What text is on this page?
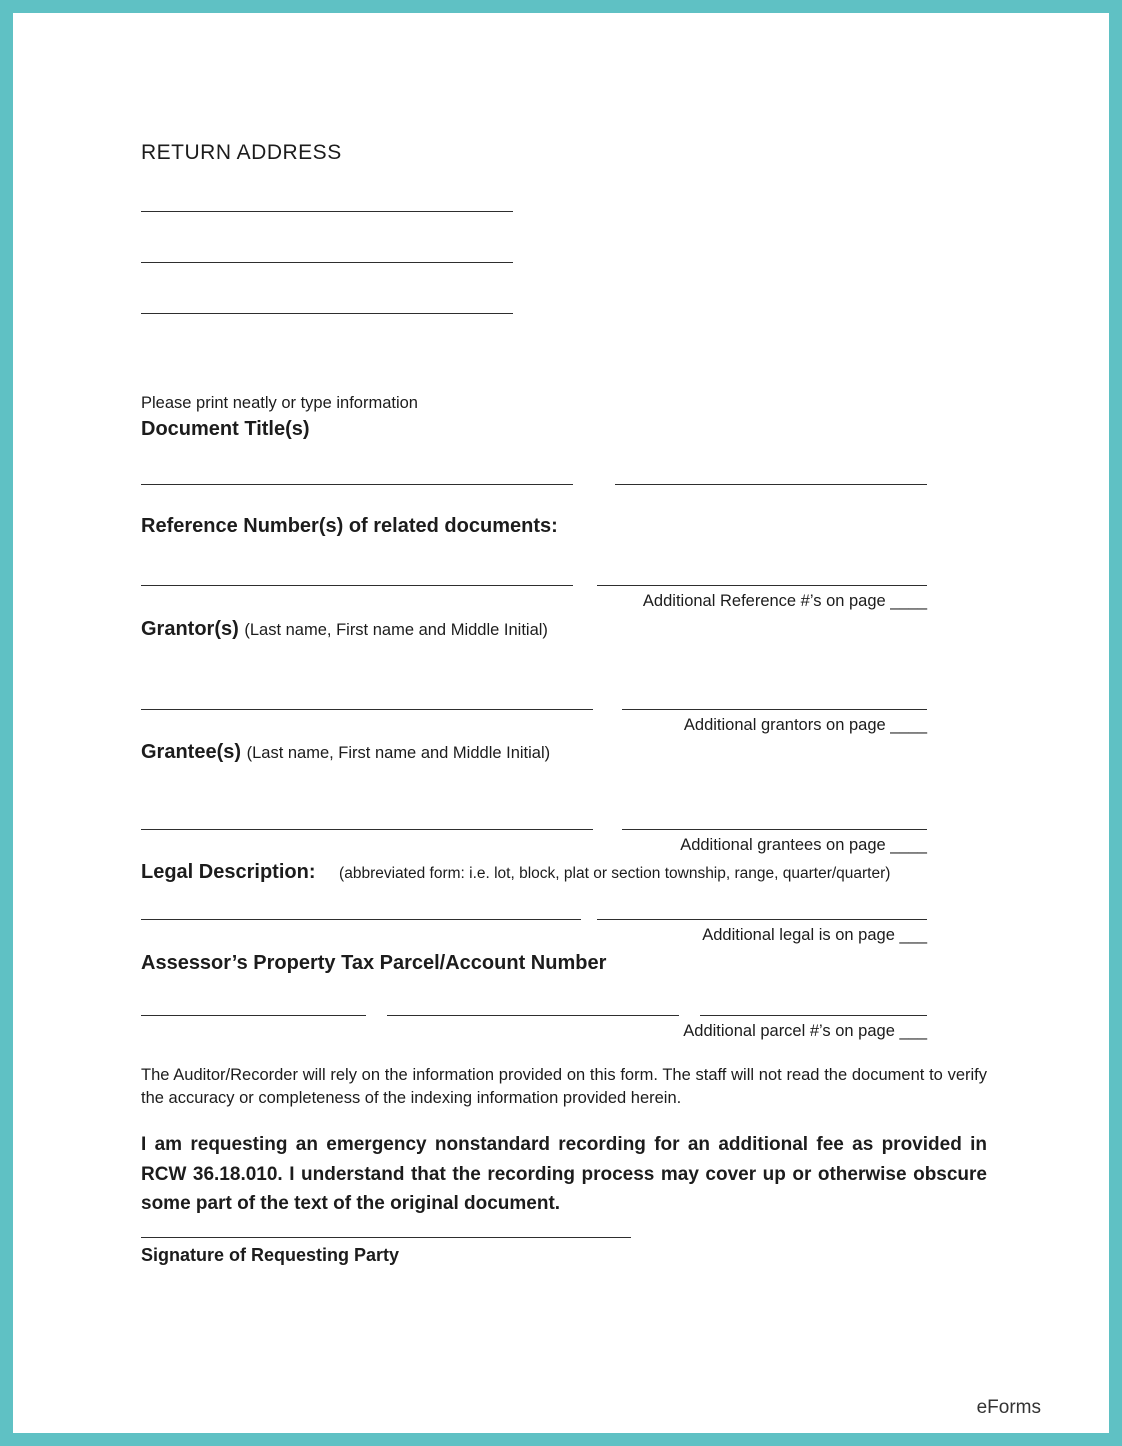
RETURN ADDRESS
Please print neatly or type information
Document Title(s)
Reference Number(s) of related documents:
Additional Reference #’s on page ____
Grantor(s) (Last name, First name and Middle Initial)
Additional grantors on page ____
Grantee(s) (Last name, First name and Middle Initial)
Additional grantees on page ____
Legal Description: (abbreviated form: i.e. lot, block, plat or section township, range, quarter/quarter)
Additional legal is on page ___
Assessor’s Property Tax Parcel/Account Number
Additional parcel #’s on page ___
The Auditor/Recorder will rely on the information provided on this form. The staff will not read the document to verify the accuracy or completeness of the indexing information provided herein.
I am requesting an emergency nonstandard recording for an additional fee as provided in RCW 36.18.010. I understand that the recording process may cover up or otherwise obscure some part of the text of the original document.
Signature of Requesting Party
eForms
